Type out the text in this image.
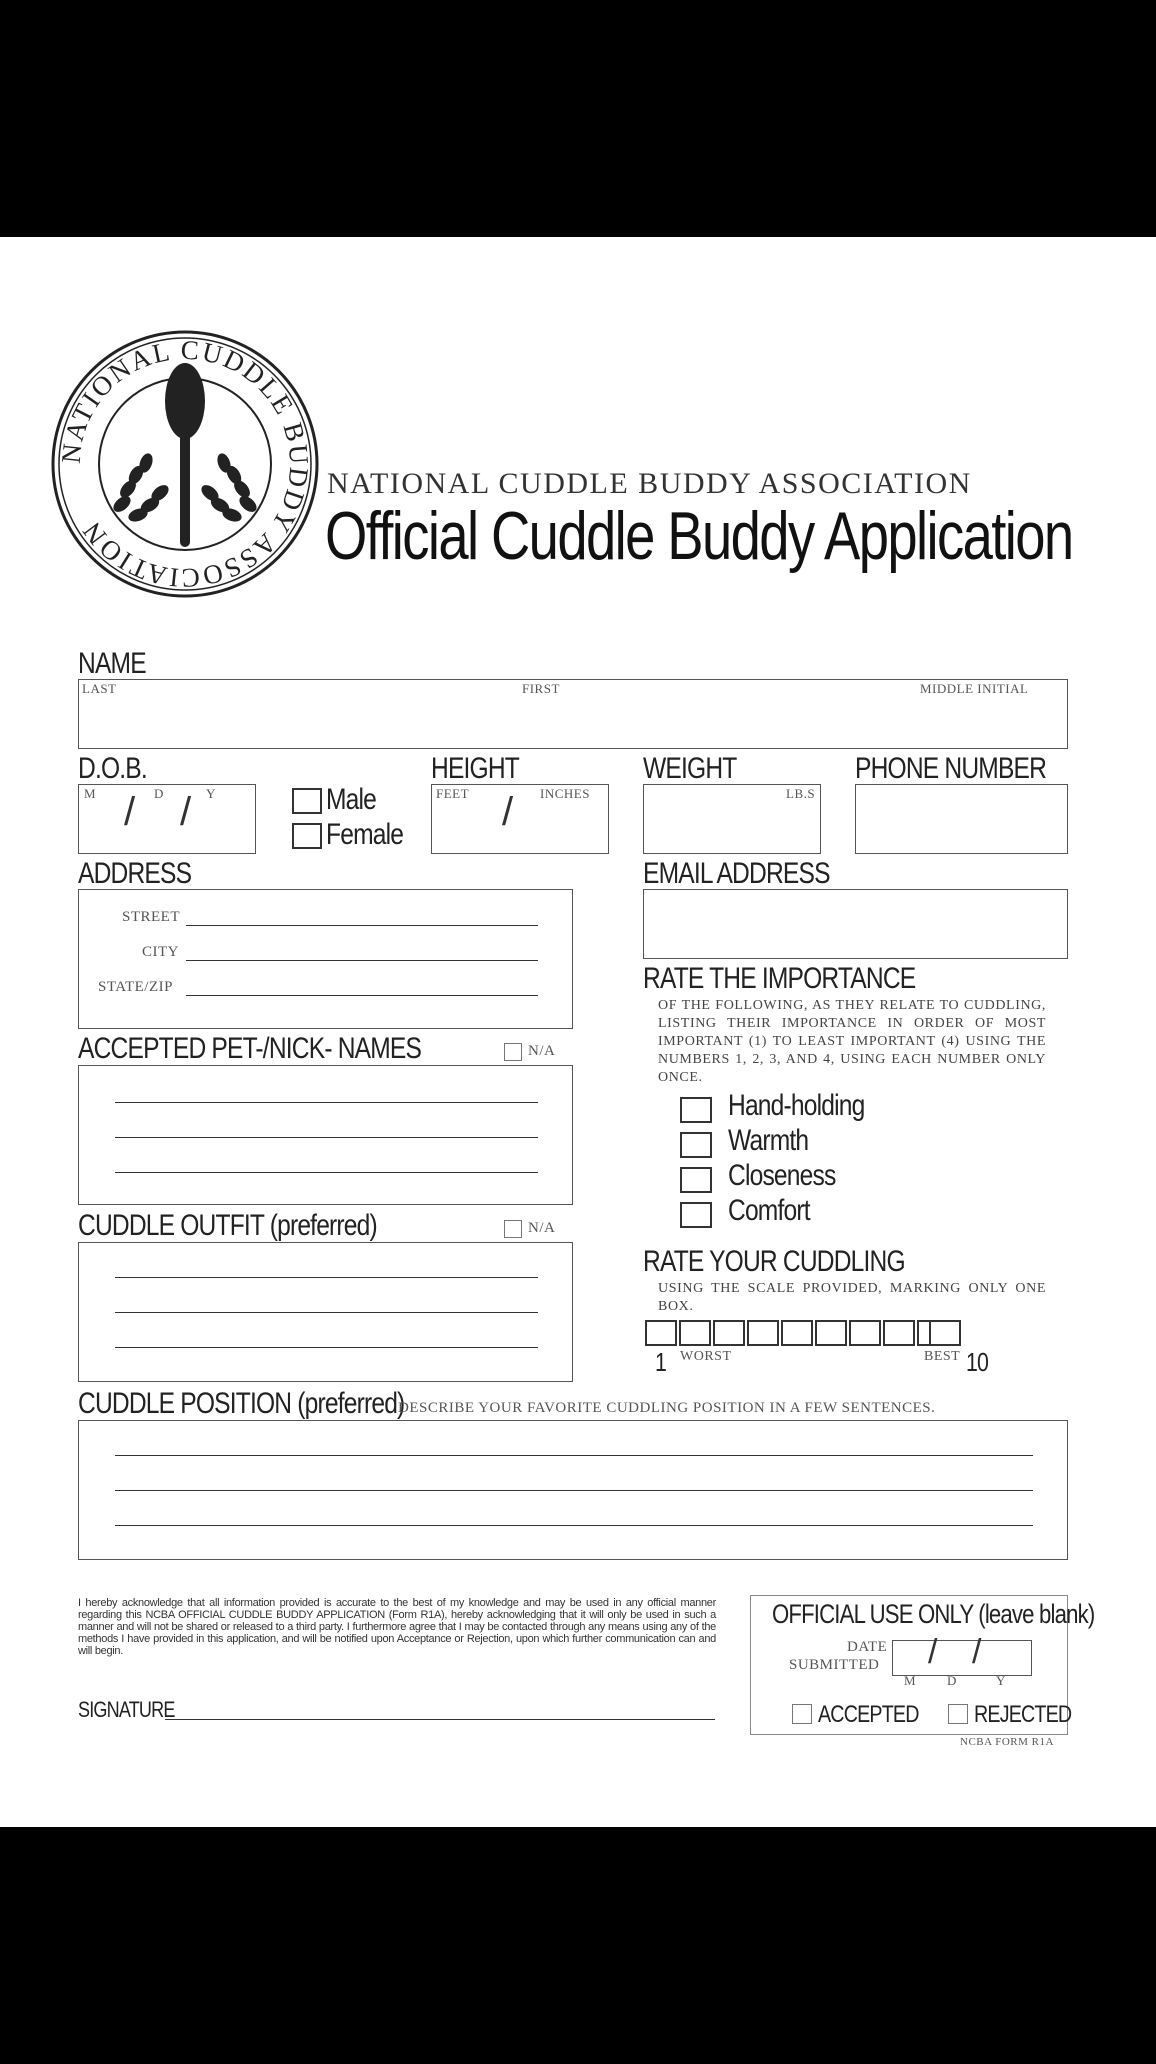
NATIONAL CUDDLE BUDDY ASSOCIATION
NATIONAL CUDDLE BUDDY ASSOCIATION
Official Cuddle Buddy Application
NAME
LAST	FIRST	MIDDLE INITIAL
D.O.B.
M	D	Y
/ /	Male
Female
HEIGHT
FEET	INCHES
/
WEIGHT
LB.S
PHONE NUMBER
ADDRESS
STREET
CITY
STATE/ZIP
EMAIL ADDRESS
RATE THE IMPORTANCE
OF THE FOLLOWING, AS THEY RELATE TO CUDDLING, LISTING THEIR IMPORTANCE IN ORDER OF MOST IMPORTANT (1) TO LEAST IMPORTANT (4) USING THE NUMBERS 1, 2, 3, AND 4, USING EACH NUMBER ONLY ONCE.
Hand-holding
Warmth
Closeness
Comfort
ACCEPTED PET-/NICK- NAMES	N/A
CUDDLE OUTFIT (preferred)	N/A
RATE YOUR CUDDLING
USING THE SCALE PROVIDED, MARKING ONLY ONE BOX.
1 WORST	BEST 10
CUDDLE POSITION (preferred)
DESCRIBE YOUR FAVORITE CUDDLING POSITION IN A FEW SENTENCES.
I hereby acknowledge that all information provided is accurate to the best of my knowledge and may be used in any official manner regarding this NCBA OFFICIAL CUDDLE BUDDY APPLICATION (Form R1A), hereby acknowledging that it will only be used in such a manner and will not be shared or released to a third party. I furthermore agree that I may be contacted through any means using any of the methods I have provided in this application, and will be notified upon Acceptance or Rejection, upon which further communication can and will begin.
SIGNATURE
OFFICIAL USE ONLY (leave blank)
DATE
SUBMITTED / /
M D	Y
ACCEPTED REJECTED
NCBA FORM R1A
